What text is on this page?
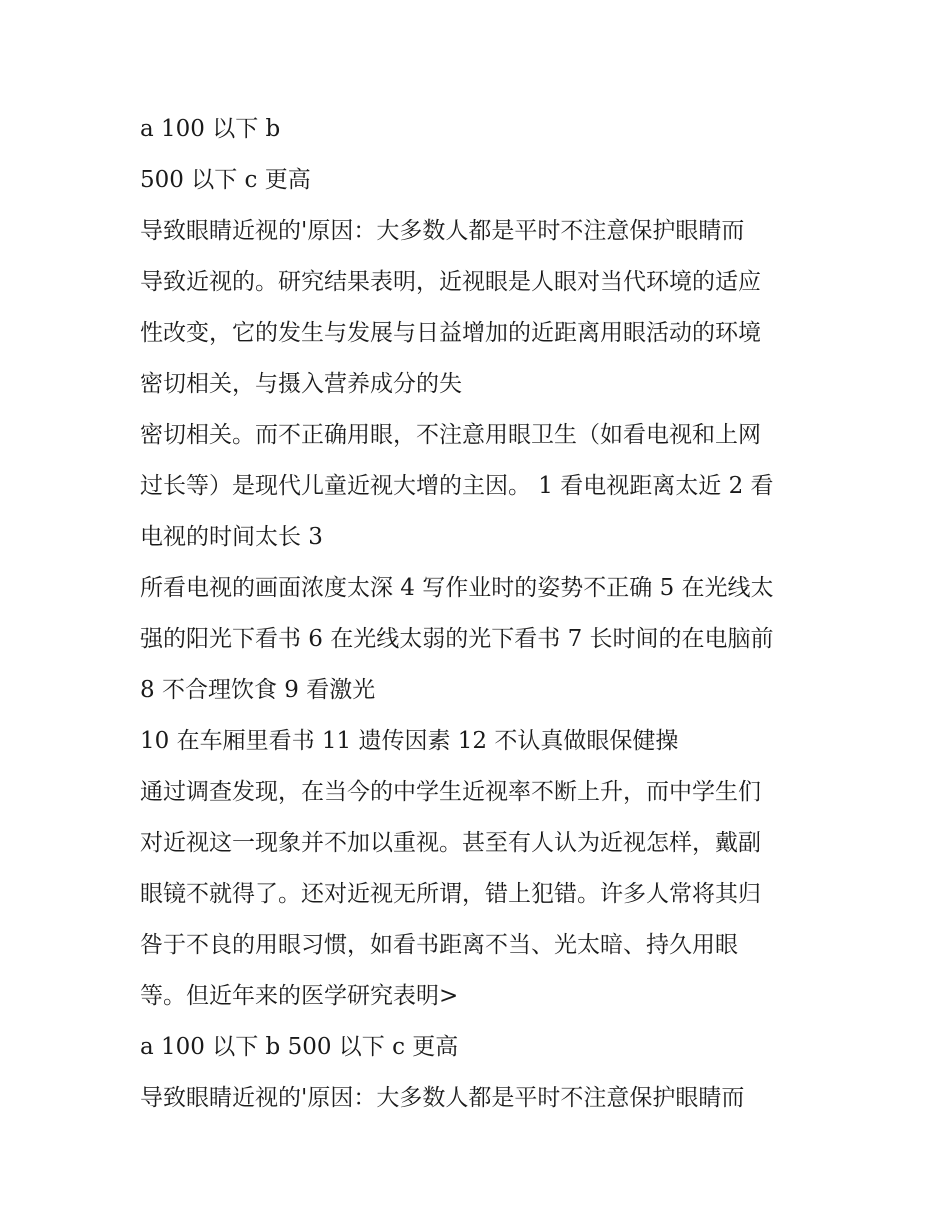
a 100 以下 b

500 以下 c 更高

导致眼睛近视的'原因：大多数人都是平时不注意保护眼睛而

导致近视的。研究结果表明，近视眼是人眼对当代环境的适应

性改变，它的发生与发展与日益增加的近距离用眼活动的环境

密切相关，与摄入营养成分的失

密切相关。而不正确用眼，不注意用眼卫生（如看电视和上网

过长等）是现代儿童近视大增的主因。 1 看电视距离太近 2 看

电视的时间太长 3

所看电视的画面浓度太深 4 写作业时的姿势不正确 5 在光线太

强的阳光下看书 6 在光线太弱的光下看书 7 长时间的在电脑前

8 不合理饮食 9 看激光

10 在车厢里看书 11 遗传因素 12 不认真做眼保健操

通过调查发现，在当今的中学生近视率不断上升，而中学生们

对近视这一现象并不加以重视。甚至有人认为近视怎样，戴副

眼镜不就得了。还对近视无所谓，错上犯错。许多人常将其归

咎于不良的用眼习惯，如看书距离不当、光太暗、持久用眼

等。但近年来的医学研究表明>

a 100 以下 b 500 以下 c 更高

导致眼睛近视的'原因：大多数人都是平时不注意保护眼睛而
